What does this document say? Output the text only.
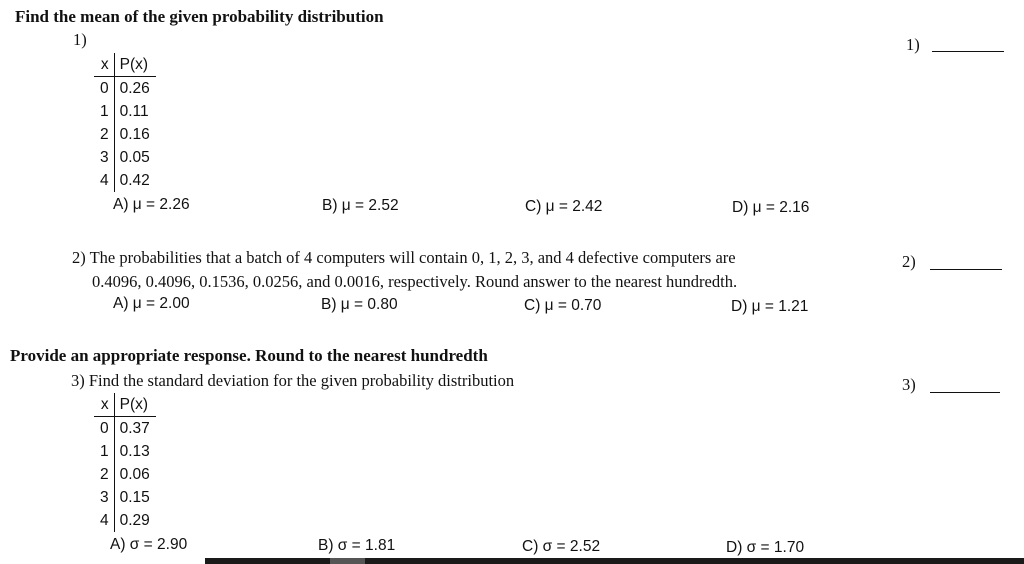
Find the mean of the given probability distribution
1)
x	P(x)
0	0.26
1	0.11
2	0.16
3	0.05
4	0.42
A) μ = 2.26	B) μ = 2.52	C) μ = 2.42	D) μ = 2.16
1)
2) The probabilities that a batch of 4 computers will contain 0, 1, 2, 3, and 4 defective computers are
0.4096, 0.4096, 0.1536, 0.0256, and 0.0016, respectively. Round answer to the nearest hundredth.
A) μ = 2.00	B) μ = 0.80	C) μ = 0.70	D) μ = 1.21
2)
Provide an appropriate response. Round to the nearest hundredth
3) Find the standard deviation for the given probability distribution
x	P(x)
0	0.37
1	0.13
2	0.06
3	0.15
4	0.29
A) σ = 2.90	B) σ = 1.81	C) σ = 2.52	D) σ = 1.70
3)
